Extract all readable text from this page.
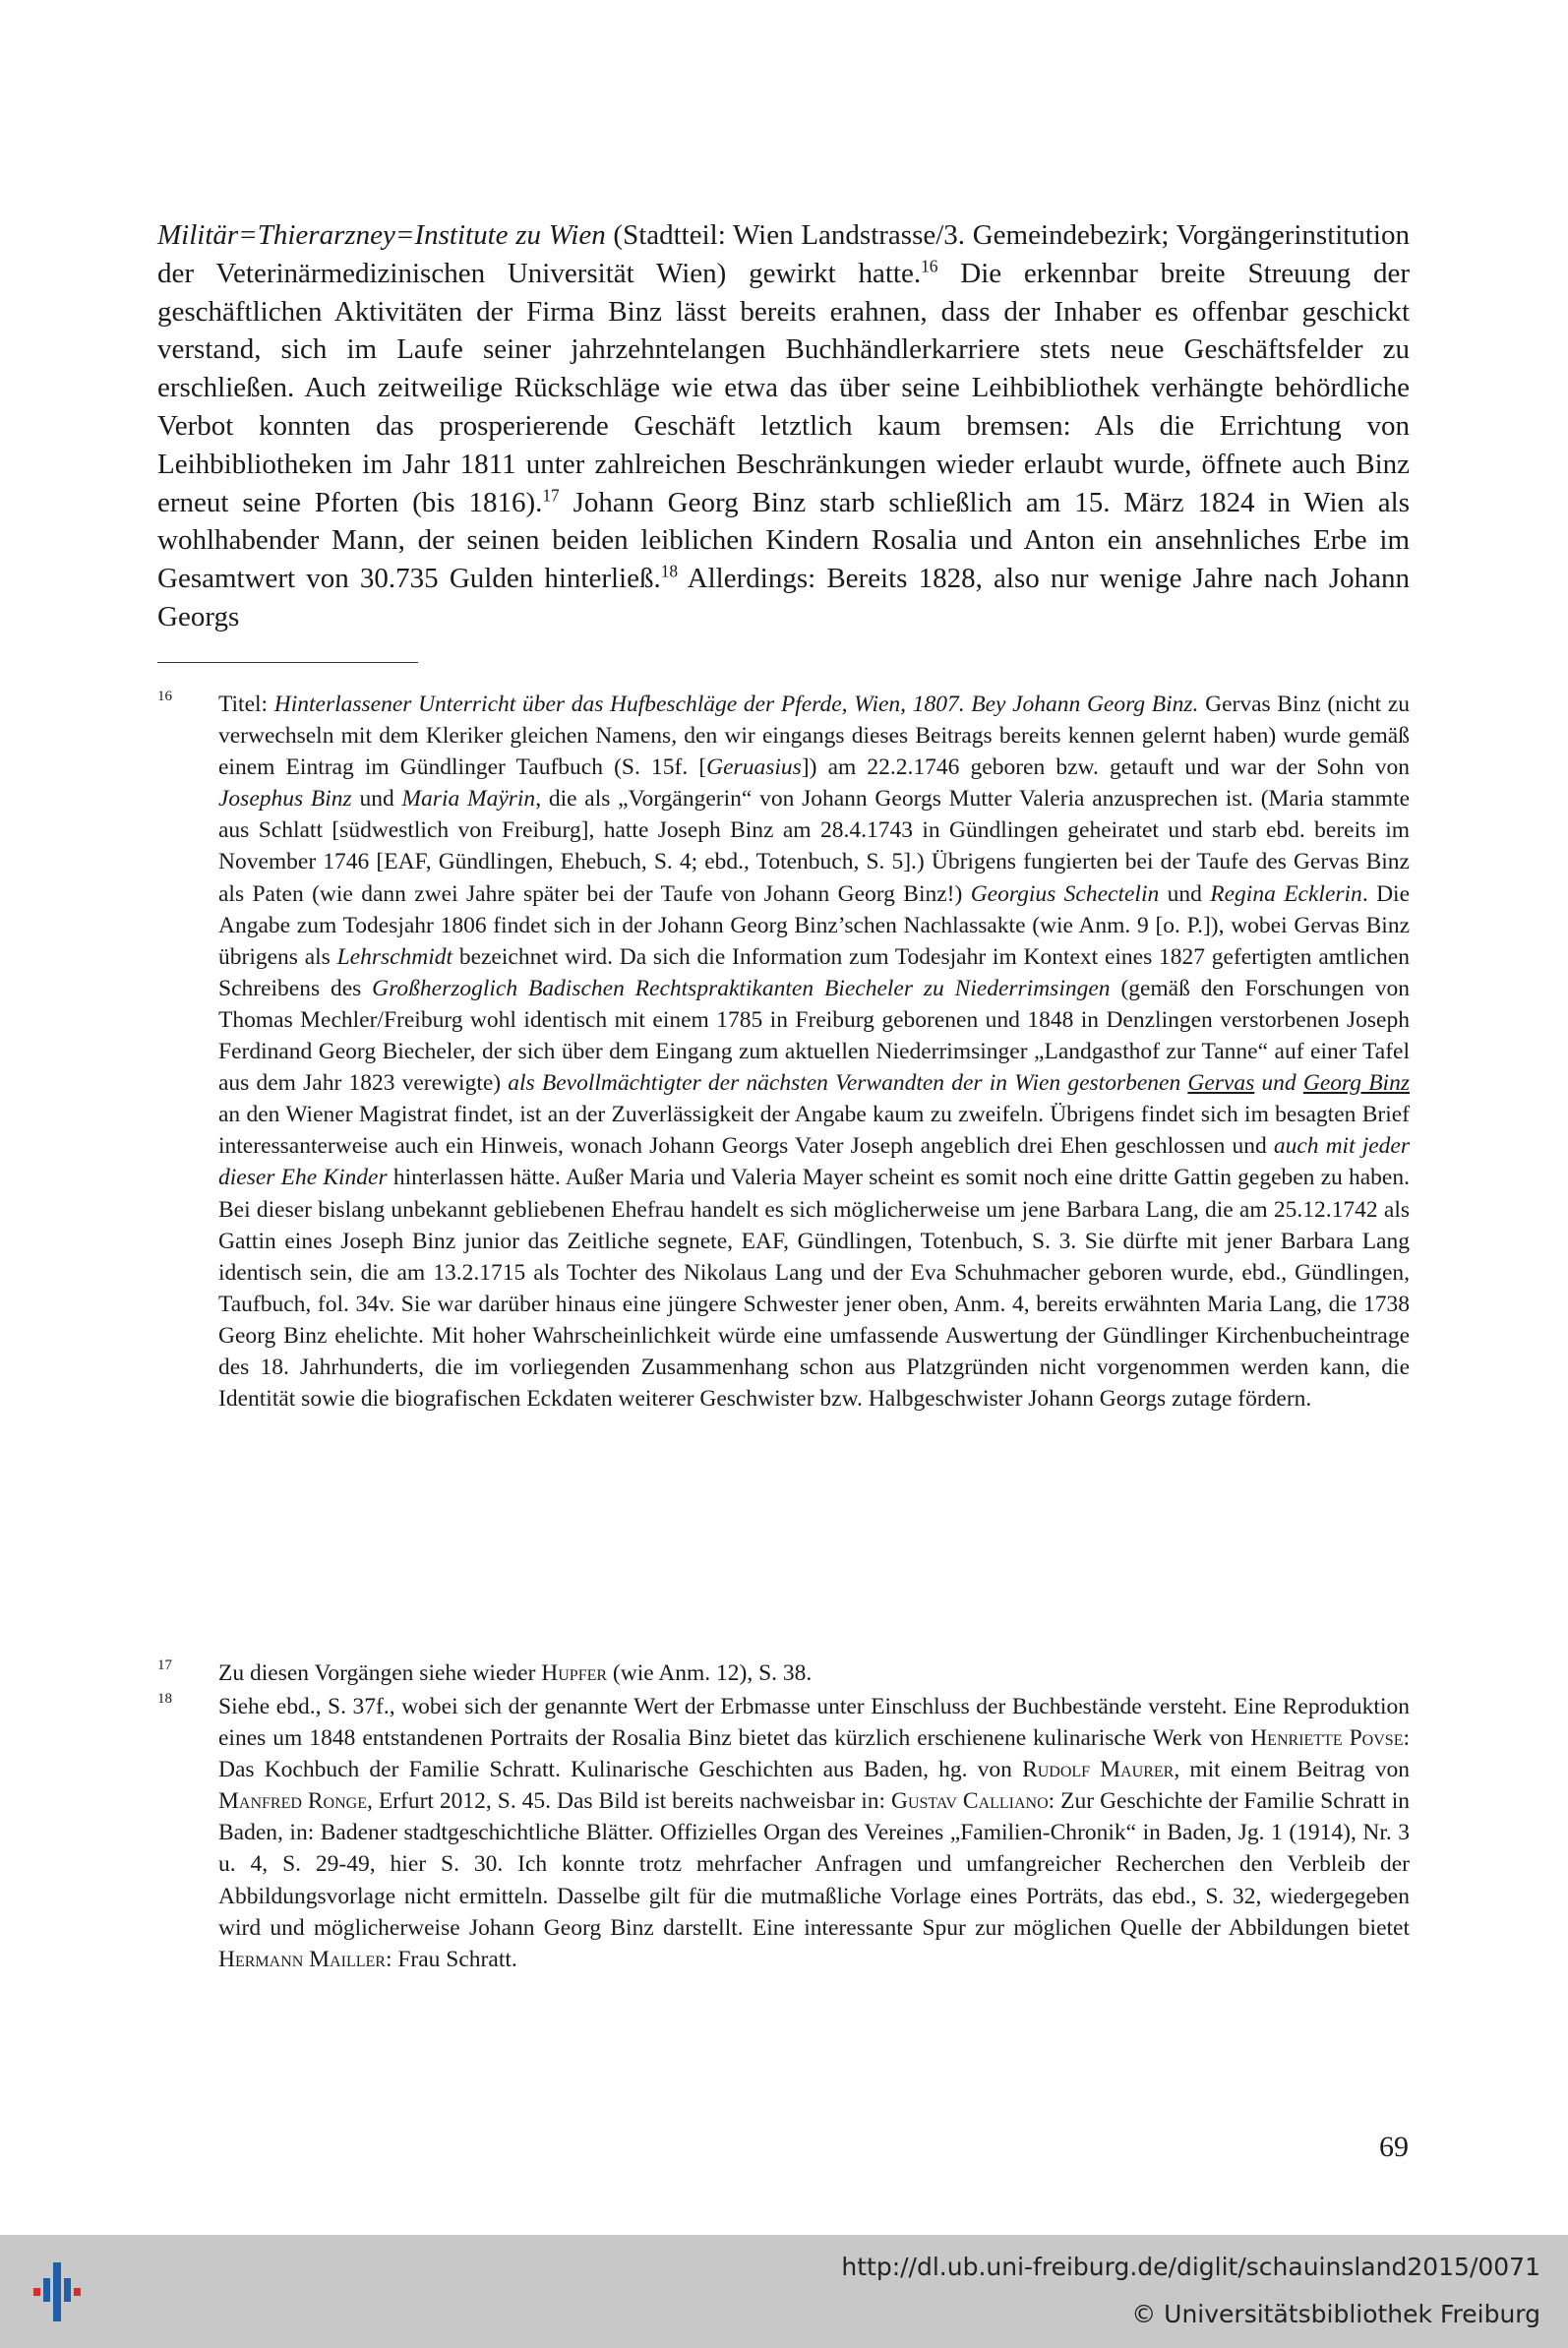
Militär=Thierarzney=Institute zu Wien (Stadtteil: Wien Landstrasse/3. Gemeindebezirk; Vorgängerinstitution der Veterinärmedizinischen Universität Wien) gewirkt hatte.$^{16}$ Die erkennbar breite Streuung der geschäftlichen Aktivitäten der Firma Binz lässt bereits erahnen, dass der Inhaber es offenbar geschickt verstand, sich im Laufe seiner jahrzehntelangen Buchhändlerkarriere stets neue Geschäftsfelder zu erschließen. Auch zeitweilige Rückschläge wie etwa das über seine Leihbibliothek verhängte behördliche Verbot konnten das prosperierende Geschäft letztlich kaum bremsen: Als die Errichtung von Leihbibliotheken im Jahr 1811 unter zahlreichen Beschränkungen wieder erlaubt wurde, öffnete auch Binz erneut seine Pforten (bis 1816).$^{17}$ Johann Georg Binz starb schließlich am 15. März 1824 in Wien als wohlhabender Mann, der seinen beiden leiblichen Kindern Rosalia und Anton ein ansehnliches Erbe im Gesamtwert von 30.735 Gulden hinterließ.$^{18}$ Allerdings: Bereits 1828, also nur wenige Jahre nach Johann Georgs

16 Titel: Hinterlassener Unterricht über das Hufbeschläge der Pferde, Wien, 1807. Bey Johann Georg Binz. Gervas Binz (nicht zu verwechseln mit dem Kleriker gleichen Namens, den wir eingangs dieses Beitrags bereits kennen gelernt haben) wurde gemäß einem Eintrag im Gündlinger Taufbuch (S. 15f. [Geruasius]) am 22.2.1746 geboren bzw. getauft und war der Sohn von Josephus Binz und Maria Maÿrin, die als „Vorgängerin“ von Johann Georgs Mutter Valeria anzusprechen ist. (Maria stammte aus Schlatt [südwestlich von Freiburg], hatte Joseph Binz am 28.4.1743 in Gündlingen geheiratet und starb ebd. bereits im November 1746 [EAF, Gündlingen, Ehebuch, S. 4; ebd., Totenbuch, S. 5].) Übrigens fungierten bei der Taufe des Gervas Binz als Paten (wie dann zwei Jahre später bei der Taufe von Johann Georg Binz!) Georgius Schectelin und Regina Ecklerin. Die Angabe zum Todesjahr 1806 findet sich in der Johann Georg Binz’schen Nachlassakte (wie Anm. 9 [o. P.]), wobei Gervas Binz übrigens als Lehrschmidt bezeichnet wird. Da sich die Information zum Todesjahr im Kontext eines 1827 gefertigten amtlichen Schreibens des Großherzoglich Badischen Rechtspraktikanten Biecheler zu Niederrimsingen (gemäß den Forschungen von Thomas Mechler/Freiburg wohl identisch mit einem 1785 in Freiburg geborenen und 1848 in Denzlingen verstorbenen Joseph Ferdinand Georg Biecheler, der sich über dem Eingang zum aktuellen Niederrimsinger „Landgasthof zur Tanne“ auf einer Tafel aus dem Jahr 1823 verewigte) als Bevollmächtigter der nächsten Verwandten der in Wien gestorbenen Gervas und Georg Binz an den Wiener Magistrat findet, ist an der Zuverlässigkeit der Angabe kaum zu zweifeln. Übrigens findet sich im besagten Brief interessanterweise auch ein Hinweis, wonach Johann Georgs Vater Joseph angeblich drei Ehen geschlossen und auch mit jeder dieser Ehe Kinder hinterlassen hätte. Außer Maria und Valeria Mayer scheint es somit noch eine dritte Gattin gegeben zu haben. Bei dieser bislang unbekannt gebliebenen Ehefrau handelt es sich möglicherweise um jene Barbara Lang, die am 25.12.1742 als Gattin eines Joseph Binz junior das Zeitliche segnete, EAF, Gündlingen, Totenbuch, S. 3. Sie dürfte mit jener Barbara Lang identisch sein, die am 13.2.1715 als Tochter des Nikolaus Lang und der Eva Schuhmacher geboren wurde, ebd., Gündlingen, Taufbuch, fol. 34v. Sie war darüber hinaus eine jüngere Schwester jener oben, Anm. 4, bereits erwähnten Maria Lang, die 1738 Georg Binz ehelichte. Mit hoher Wahrscheinlichkeit würde eine umfassende Auswertung der Gündlinger Kirchenbucheintrage des 18. Jahrhunderts, die im vorliegenden Zusammenhang schon aus Platzgründen nicht vorgenommen werden kann, die Identität sowie die biografischen Eckdaten weiterer Geschwister bzw. Halbgeschwister Johann Georgs zutage fördern.
17 Zu diesen Vorgängen siehe wieder Hupfer (wie Anm. 12), S. 38.
18 Siehe ebd., S. 37f., wobei sich der genannte Wert der Erbmasse unter Einschluss der Buchbestände versteht. Eine Reproduktion eines um 1848 entstandenen Portraits der Rosalia Binz bietet das kürzlich erschienene kulinarische Werk von Henriette Povse: Das Kochbuch der Familie Schratt. Kulinarische Geschichten aus Baden, hg. von Rudolf Maurer, mit einem Beitrag von Manfred Ronge, Erfurt 2012, S. 45. Das Bild ist bereits nachweisbar in: Gustav Calliano: Zur Geschichte der Familie Schratt in Baden, in: Badener stadtgeschichtliche Blätter. Offizielles Organ des Vereines „Familien-Chronik“ in Baden, Jg. 1 (1914), Nr. 3 u. 4, S. 29-49, hier S. 30. Ich konnte trotz mehrfacher Anfragen und umfangreicher Recherchen den Verbleib der Abbildungsvorlage nicht ermitteln. Dasselbe gilt für die mutmaßliche Vorlage eines Porträts, das ebd., S. 32, wiedergegeben wird und möglicherweise Johann Georg Binz darstellt. Eine interessante Spur zur möglichen Quelle der Abbildungen bietet Hermann Mailler: Frau Schratt.
69
http://dl.ub.uni-freiburg.de/diglit/schauinsland2015/0071
© Universitätsbibliothek Freiburg
